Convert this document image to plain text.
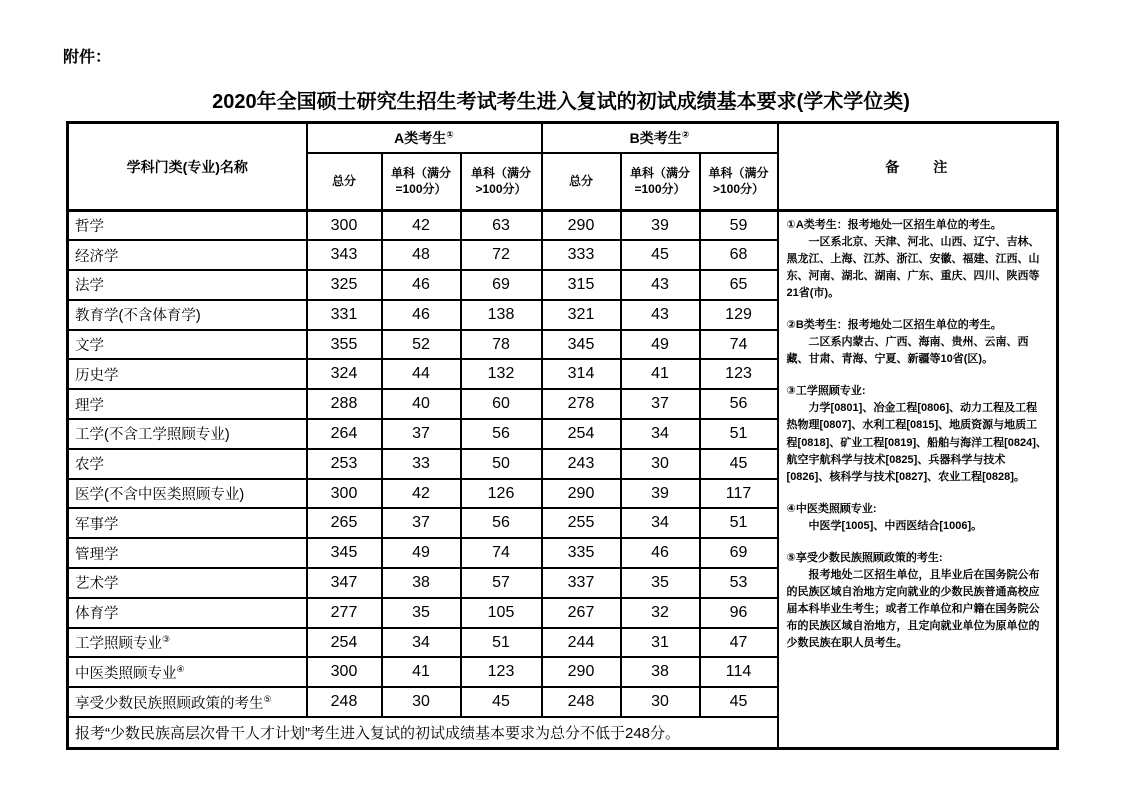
附件：
2020年全国硕士研究生招生考试考生进入复试的初试成绩基本要求(学术学位类)
学科门类(专业)名称	A类考生①			B类考生②			备　　注
	总分	单科（满分=100分）	单科（满分>100分）	总分	单科（满分=100分）	单科（满分>100分）	
哲学	300	42	63	290	39	59	①A类考生：报考地处一区招生单位的考生。
一区系北京、天津、河北、山西、辽宁、吉林、黑龙江、上海、江苏、浙江、安徽、福建、江西、山东、河南、湖北、湖南、广东、重庆、四川、陕西等21省(市)。
②B类考生：报考地处二区招生单位的考生。
二区系内蒙古、广西、海南、贵州、云南、西藏、甘肃、青海、宁夏、新疆等10省(区)。
③工学照顾专业:
力学[0801]、冶金工程[0806]、动力工程及工程热物理[0807]、水利工程[0815]、地质资源与地质工程[0818]、矿业工程[0819]、船舶与海洋工程[0824]、航空宇航科学与技术[0825]、兵器科学与技术[0826]、核科学与技术[0827]、农业工程[0828]。
④中医类照顾专业:
中医学[1005]、中西医结合[1006]。
⑤享受少数民族照顾政策的考生:
报考地处二区招生单位，且毕业后在国务院公布的民族区域自治地方定向就业的少数民族普通高校应届本科毕业生考生；或者工作单位和户籍在国务院公布的民族区域自治地方，且定向就业单位为原单位的少数民族在职人员考生。

经济学	343	48	72	333	45	68	
法学	325	46	69	315	43	65	
教育学(不含体育学)	331	46	138	321	43	129	
文学	355	52	78	345	49	74	
历史学	324	44	132	314	41	123	
理学	288	40	60	278	37	56	
工学(不含工学照顾专业)	264	37	56	254	34	51	
农学	253	33	50	243	30	45	
医学(不含中医类照顾专业)	300	42	126	290	39	117	
军事学	265	37	56	255	34	51	
管理学	345	49	74	335	46	69	
艺术学	347	38	57	337	35	53	
体育学	277	35	105	267	32	96	
工学照顾专业③	254	34	51	244	31	47	
中医类照顾专业④	300	41	123	290	38	114	
享受少数民族照顾政策的考生⑤	248	30	45	248	30	45	
报考“少数民族高层次骨干人才计划”考生进入复试的初试成绩基本要求为总分不低于248分。							
